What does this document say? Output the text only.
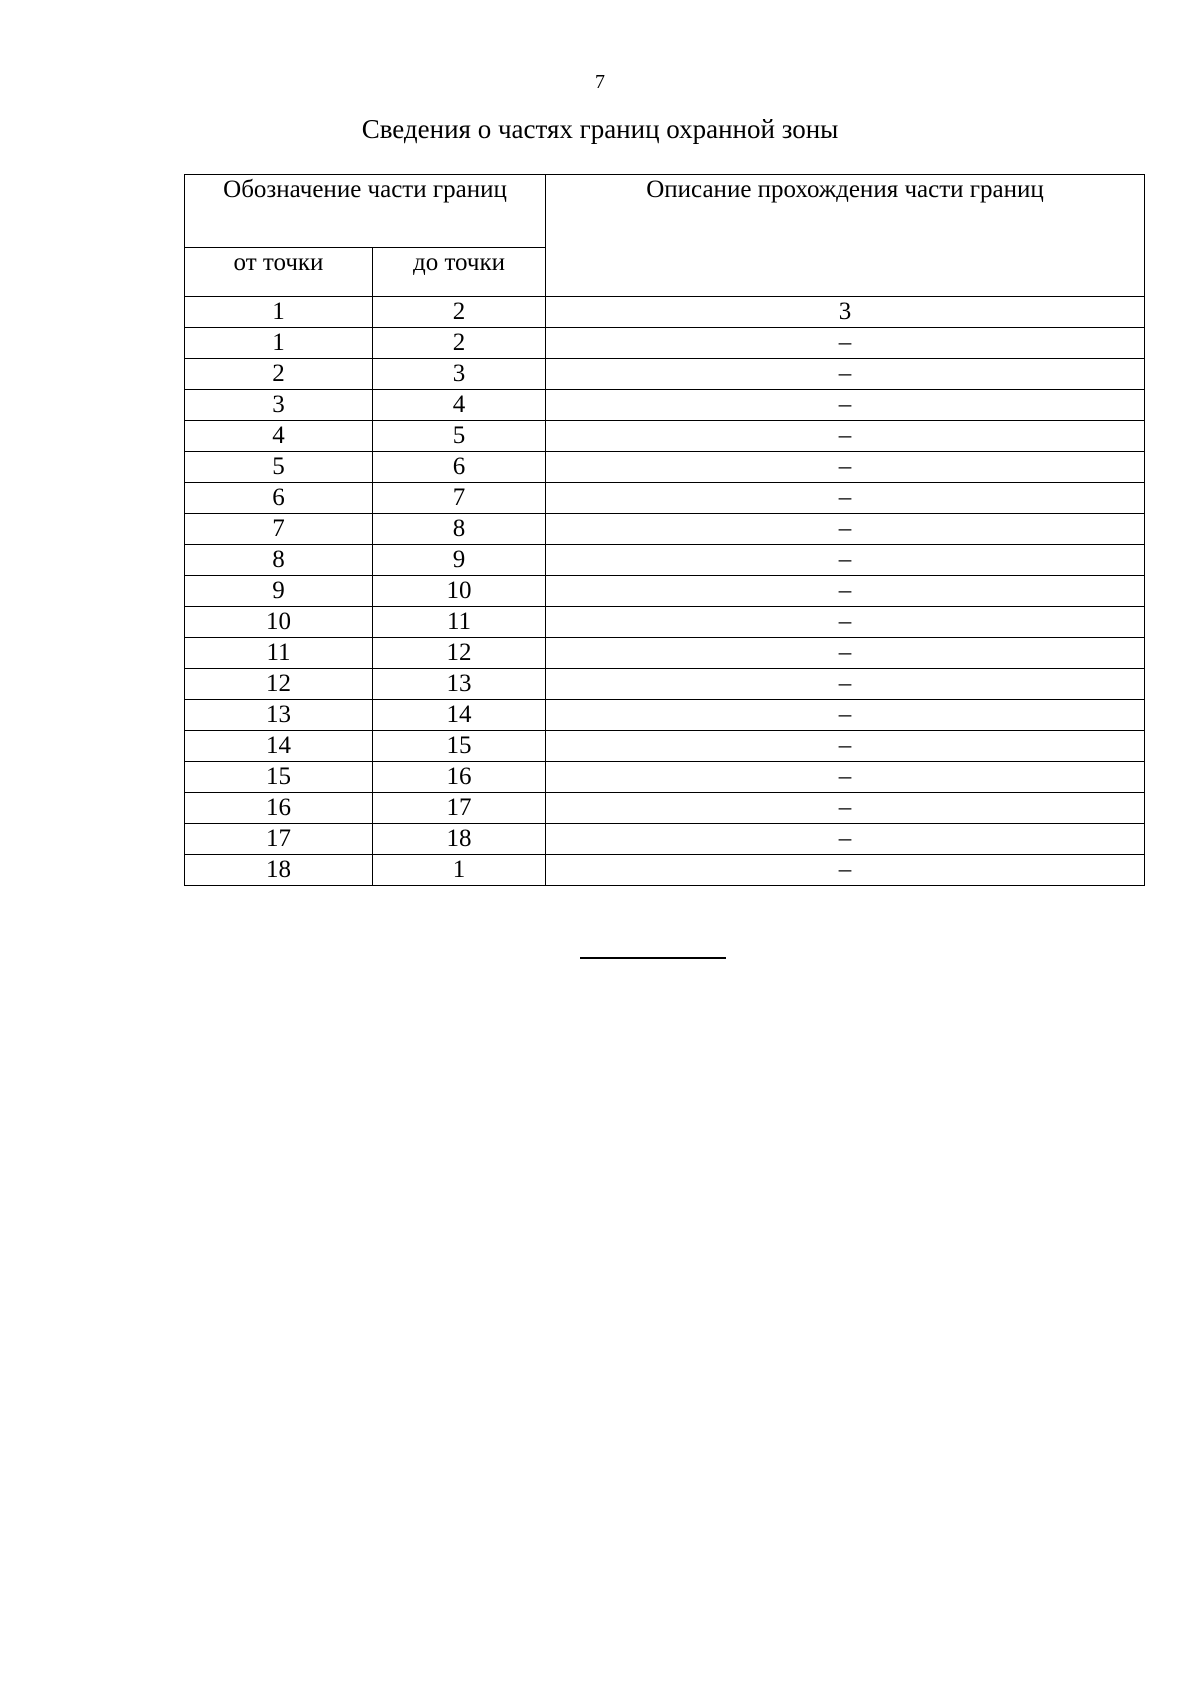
7
Сведения о частях границ охранной зоны
Обозначение части границ		Описание прохождения части границ
от точки	до точки	
1	2	3
1	2	–
2	3	–
3	4	–
4	5	–
5	6	–
6	7	–
7	8	–
8	9	–
9	10	–
10	11	–
11	12	–
12	13	–
13	14	–
14	15	–
15	16	–
16	17	–
17	18	–
18	1	–
